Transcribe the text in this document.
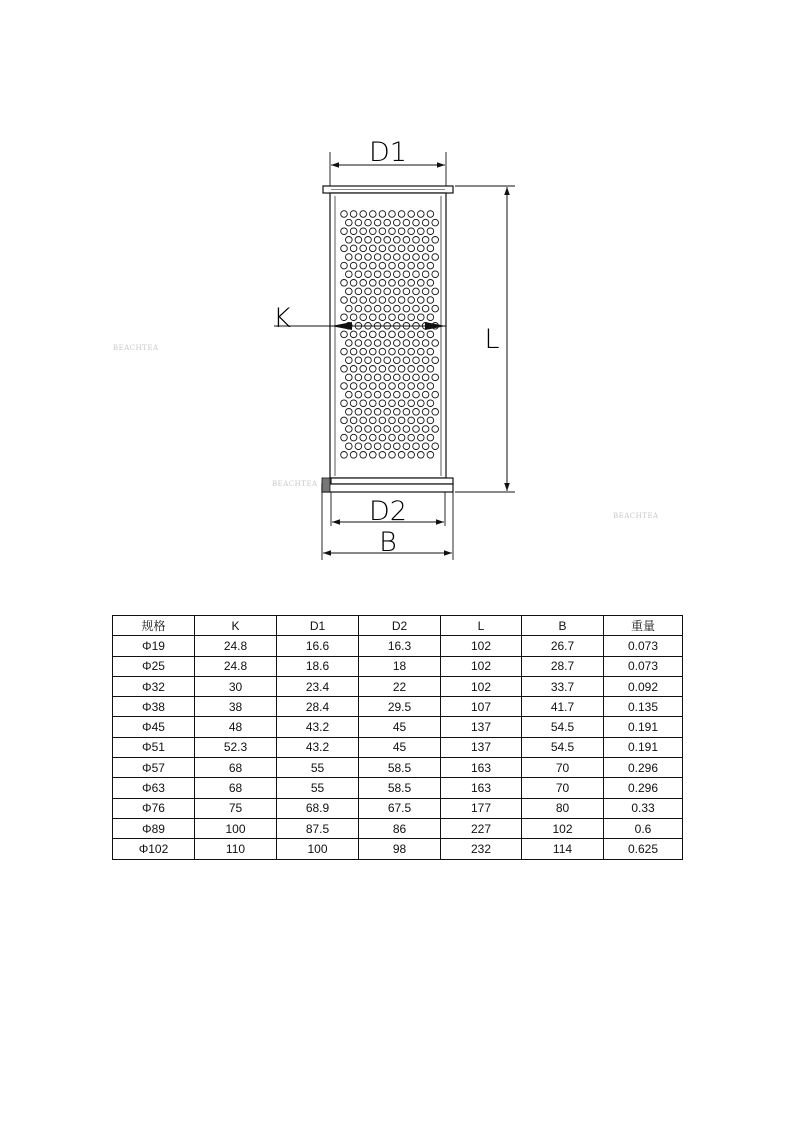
D1
L
K
D2
B
BEACHTEA
BEACHTEA
BEACHTEA
规格	K	D1	D2	L	B	重量
Φ19	24.8	16.6	16.3	102	26.7	0.073
Φ25	24.8	18.6	18	102	28.7	0.073
Φ32	30	23.4	22	102	33.7	0.092
Φ38	38	28.4	29.5	107	41.7	0.135
Φ45	48	43.2	45	137	54.5	0.191
Φ51	52.3	43.2	45	137	54.5	0.191
Φ57	68	55	58.5	163	70	0.296
Φ63	68	55	58.5	163	70	0.296
Φ76	75	68.9	67.5	177	80	0.33
Φ89	100	87.5	86	227	102	0.6
Φ102	110	100	98	232	114	0.625
